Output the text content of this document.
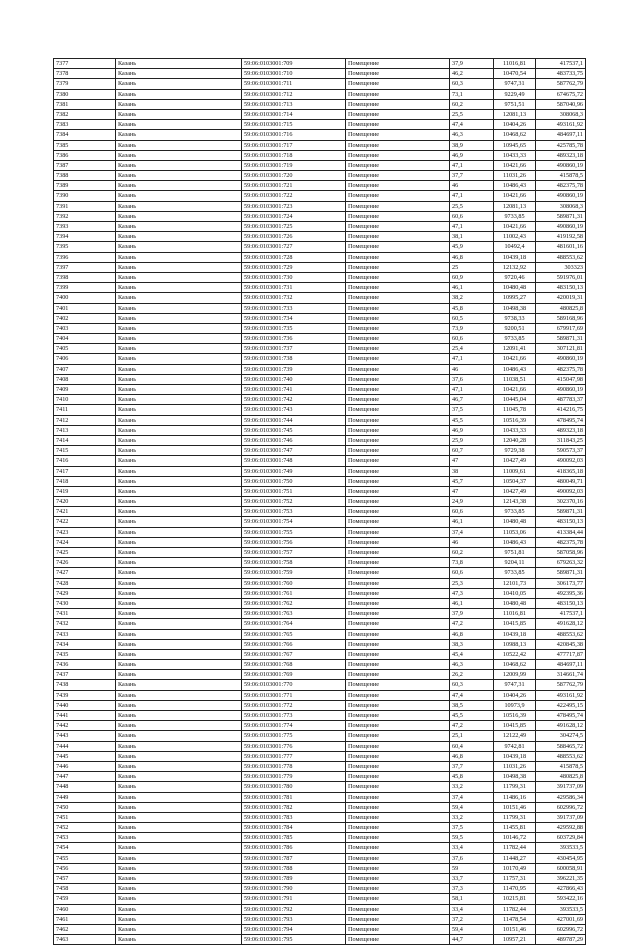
7377	Казань	59:06:0103001:709	Помещение	37,9	11016,81	417537,1
7378	Казань	59:06:0103001:710	Помещение	46,2	10470,54	483733,75
7379	Казань	59:06:0103001:711	Помещение	60,3	9747,31	587762,79
7380	Казань	59:06:0103001:712	Помещение	73,1	9229,49	674675,72
7381	Казань	59:06:0103001:713	Помещение	60,2	9751,51	587040,96
7382	Казань	59:06:0103001:714	Помещение	25,5	12081,13	308068,3
7383	Казань	59:06:0103001:715	Помещение	47,4	10404,26	493161,92
7384	Казань	59:06:0103001:716	Помещение	46,3	10468,62	484697,11
7385	Казань	59:06:0103001:717	Помещение	38,9	10945,65	425785,78
7386	Казань	59:06:0103001:718	Помещение	46,9	10433,33	489323,18
7387	Казань	59:06:0103001:719	Помещение	47,1	10421,66	490860,19
7388	Казань	59:06:0103001:720	Помещение	37,7	11031,26	415878,5
7389	Казань	59:06:0103001:721	Помещение	46	10486,43	482375,78
7390	Казань	59:06:0103001:722	Помещение	47,1	10421,66	490860,19
7391	Казань	59:06:0103001:723	Помещение	25,5	12081,13	308068,3
7392	Казань	59:06:0103001:724	Помещение	60,6	9733,85	589871,31
7393	Казань	59:06:0103001:725	Помещение	47,1	10421,66	490860,19
7394	Казань	59:06:0103001:726	Помещение	38,1	11002,43	419192,58
7395	Казань	59:06:0103001:727	Помещение	45,9	10492,4	481601,16
7396	Казань	59:06:0103001:728	Помещение	46,8	10439,18	488553,62
7397	Казань	59:06:0103001:729	Помещение	25	12132,92	303323
7398	Казань	59:06:0103001:730	Помещение	60,9	9720,46	591976,01
7399	Казань	59:06:0103001:731	Помещение	46,1	10480,48	483150,13
7400	Казань	59:06:0103001:732	Помещение	38,2	10995,27	420019,31
7401	Казань	59:06:0103001:733	Помещение	45,8	10498,38	480825,8
7402	Казань	59:06:0103001:734	Помещение	60,5	9738,33	589168,96
7403	Казань	59:06:0103001:735	Помещение	73,9	9200,51	679917,69
7404	Казань	59:06:0103001:736	Помещение	60,6	9733,85	589871,31
7405	Казань	59:06:0103001:737	Помещение	25,4	12091,41	307121,81
7406	Казань	59:06:0103001:738	Помещение	47,1	10421,66	490860,19
7407	Казань	59:06:0103001:739	Помещение	46	10486,43	482375,78
7408	Казань	59:06:0103001:740	Помещение	37,6	11038,51	415047,98
7409	Казань	59:06:0103001:741	Помещение	47,1	10421,66	490860,19
7410	Казань	59:06:0103001:742	Помещение	46,7	10445,04	487783,37
7411	Казань	59:06:0103001:743	Помещение	37,5	11045,78	414216,75
7412	Казань	59:06:0103001:744	Помещение	45,5	10516,39	478495,74
7413	Казань	59:06:0103001:745	Помещение	46,9	10433,33	489323,18
7414	Казань	59:06:0103001:746	Помещение	25,9	12040,28	311843,25
7415	Казань	59:06:0103001:747	Помещение	60,7	9729,38	590573,37
7416	Казань	59:06:0103001:748	Помещение	47	10427,49	490092,03
7417	Казань	59:06:0103001:749	Помещение	38	11009,61	418365,18
7418	Казань	59:06:0103001:750	Помещение	45,7	10504,37	480049,71
7419	Казань	59:06:0103001:751	Помещение	47	10427,49	490092,03
7420	Казань	59:06:0103001:752	Помещение	24,9	12143,38	302370,16
7421	Казань	59:06:0103001:753	Помещение	60,6	9733,85	589871,31
7422	Казань	59:06:0103001:754	Помещение	46,1	10480,48	483150,13
7423	Казань	59:06:0103001:755	Помещение	37,4	11053,06	413384,44
7424	Казань	59:06:0103001:756	Помещение	46	10486,43	482375,78
7425	Казань	59:06:0103001:757	Помещение	60,2	9751,81	587058,96
7426	Казань	59:06:0103001:758	Помещение	73,8	9204,11	679263,32
7427	Казань	59:06:0103001:759	Помещение	60,6	9733,85	589871,31
7428	Казань	59:06:0103001:760	Помещение	25,3	12101,73	306173,77
7429	Казань	59:06:0103001:761	Помещение	47,3	10410,05	492395,36
7430	Казань	59:06:0103001:762	Помещение	46,1	10480,48	483150,13
7431	Казань	59:06:0103001:763	Помещение	37,9	11016,81	417537,1
7432	Казань	59:06:0103001:764	Помещение	47,2	10415,85	491628,12
7433	Казань	59:06:0103001:765	Помещение	46,8	10439,18	488553,62
7434	Казань	59:06:0103001:766	Помещение	38,3	10988,13	420845,38
7435	Казань	59:06:0103001:767	Помещение	45,4	10522,42	477717,87
7436	Казань	59:06:0103001:768	Помещение	46,3	10468,62	484697,11
7437	Казань	59:06:0103001:769	Помещение	26,2	12009,99	314661,74
7438	Казань	59:06:0103001:770	Помещение	60,3	9747,31	587762,79
7439	Казань	59:06:0103001:771	Помещение	47,4	10404,26	493161,92
7440	Казань	59:06:0103001:772	Помещение	38,5	10973,9	422495,15
7441	Казань	59:06:0103001:773	Помещение	45,5	10516,39	478495,74
7442	Казань	59:06:0103001:774	Помещение	47,2	10415,85	491628,12
7443	Казань	59:06:0103001:775	Помещение	25,1	12122,49	304274,5
7444	Казань	59:06:0103001:776	Помещение	60,4	9742,81	588465,72
7445	Казань	59:06:0103001:777	Помещение	46,8	10439,18	488553,62
7446	Казань	59:06:0103001:778	Помещение	37,7	11031,26	415878,5
7447	Казань	59:06:0103001:779	Помещение	45,8	10498,38	480825,8
7448	Казань	59:06:0103001:780	Помещение	33,2	11799,31	391737,09
7449	Казань	59:06:0103001:781	Помещение	37,4	11486,16	429586,34
7450	Казань	59:06:0103001:782	Помещение	59,4	10151,46	602996,72
7451	Казань	59:06:0103001:783	Помещение	33,2	11799,31	391737,09
7452	Казань	59:06:0103001:784	Помещение	37,5	11455,81	429592,88
7453	Казань	59:06:0103001:785	Помещение	59,5	10146,72	603729,84
7454	Казань	59:06:0103001:786	Помещение	33,4	11782,44	393533,5
7455	Казань	59:06:0103001:787	Помещение	37,6	11448,27	430454,95
7456	Казань	59:06:0103001:788	Помещение	59	10170,49	600058,91
7457	Казань	59:06:0103001:789	Помещение	33,7	11757,31	396221,35
7458	Казань	59:06:0103001:790	Помещение	37,3	11470,95	427866,43
7459	Казань	59:06:0103001:791	Помещение	58,1	10215,81	593422,16
7460	Казань	59:06:0103001:792	Помещение	33,4	11782,44	393533,5
7461	Казань	59:06:0103001:793	Помещение	37,2	11478,54	427001,69
7462	Казань	59:06:0103001:794	Помещение	59,4	10151,46	602996,72
7463	Казань	59:06:0103001:795	Помещение	44,7	10957,21	489787,29
